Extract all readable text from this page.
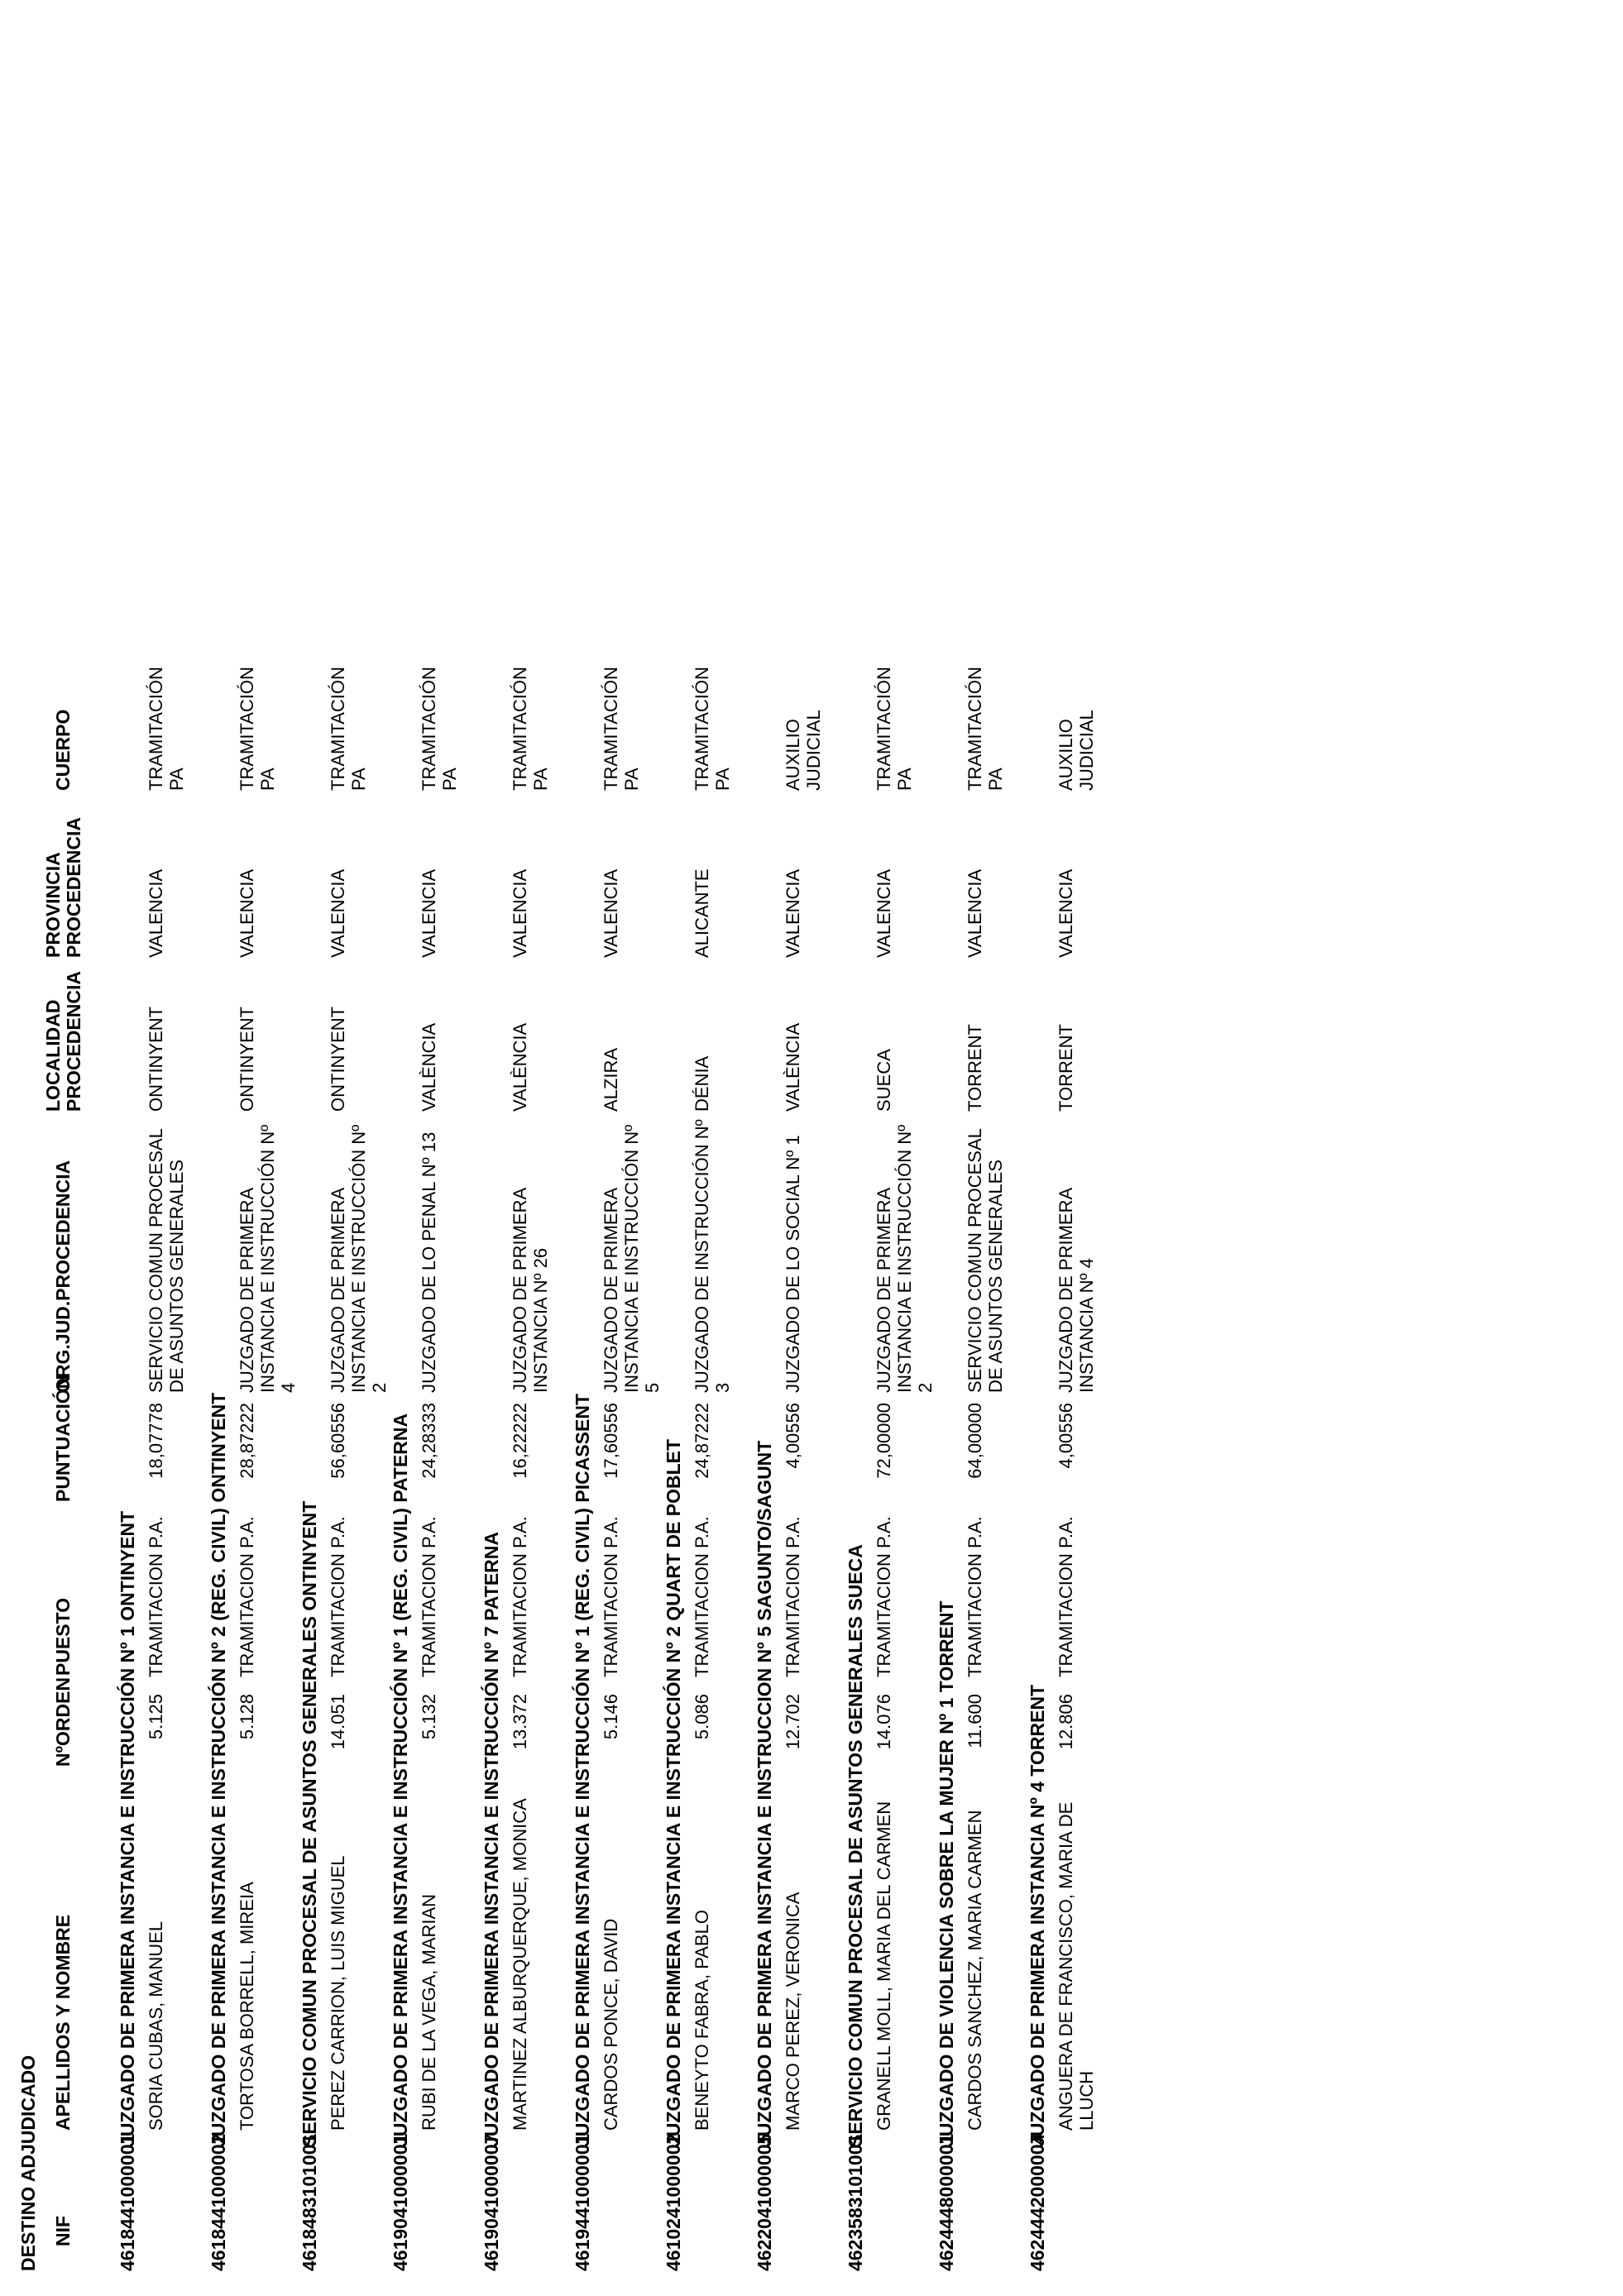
DESTINO ADJUDICADO NIF
APELLIDOS Y NOMBRE
NºORDEN
PUESTO
PUNTUACIÓN
ORG.JUD.PROCEDENCIA
LOCALIDAD PROCEDENCIA
PROVINCIA PROCEDENCIA
CUERPO
4618441000001JUZGADO DE PRIMERA INSTANCIA E INSTRUCCIÓN Nº 1 ONTINYENT SORIA CUBAS, MANUEL
5.125
TRAMITACION P.A.
18,07778
SERVICIO COMUN PROCESAL DE ASUNTOS GENERALES
ONTINYENT
VALENCIA
TRAMITACIÓN PA
4618441000002JUZGADO DE PRIMERA INSTANCIA E INSTRUCCIÓN Nº 2 (REG. CIVIL) ONTINYENT TORTOSA BORRELL, MIREIA
5.128
TRAMITACION P.A.
28,87222
JUZGADO DE PRIMERA INSTANCIA E INSTRUCCIÓN Nº 4
ONTINYENT
VALENCIA
TRAMITACIÓN PA
4618483101001SERVICIO COMUN PROCESAL DE ASUNTOS GENERALES ONTINYENT PEREZ CARRION, LUIS MIGUEL
14.051
TRAMITACION P.A.
56,60556
JUZGADO DE PRIMERA INSTANCIA E INSTRUCCIÓN Nº 2
ONTINYENT
VALENCIA
TRAMITACIÓN PA
4619041000001JUZGADO DE PRIMERA INSTANCIA E INSTRUCCIÓN Nº 1 (REG. CIVIL) PATERNA RUBI DE LA VEGA, MARIAN
5.132
TRAMITACION P.A.
24,28333
JUZGADO DE LO PENAL Nº 13
VALÈNCIA
VALENCIA
TRAMITACIÓN PA
4619041000007JUZGADO DE PRIMERA INSTANCIA E INSTRUCCIÓN Nº 7 PATERNA MARTINEZ ALBURQUERQUE, MONICA
13.372
TRAMITACION P.A.
16,22222
JUZGADO DE PRIMERA INSTANCIA Nº 26
VALÈNCIA
VALENCIA
TRAMITACIÓN PA
4619441000001JUZGADO DE PRIMERA INSTANCIA E INSTRUCCIÓN Nº 1 (REG. CIVIL) PICASSENT CARDOS PONCE, DAVID
5.146
TRAMITACION P.A.
17,60556
JUZGADO DE PRIMERA INSTANCIA E INSTRUCCIÓN Nº 5
ALZIRA
VALENCIA
TRAMITACIÓN PA
4610241000002JUZGADO DE PRIMERA INSTANCIA E INSTRUCCIÓN Nº 2 QUART DE POBLET BENEYTO FABRA, PABLO
5.086
TRAMITACION P.A.
24,87222
JUZGADO DE INSTRUCCIÓN Nº 3
DÉNIA
ALICANTE
TRAMITACIÓN PA
4622041000005JUZGADO DE PRIMERA INSTANCIA E INSTRUCCION Nº 5 SAGUNTO/SAGUNT MARCO PEREZ, VERONICA
12.702
TRAMITACION P.A.
4,00556
JUZGADO DE LO SOCIAL Nº 1
VALÈNCIA
VALENCIA
AUXILIO JUDICIAL
4623583101001SERVICIO COMUN PROCESAL DE ASUNTOS GENERALES SUECA GRANELL MOLL, MARIA DEL CARMEN
14.076
TRAMITACION P.A.
72,00000
JUZGADO DE PRIMERA INSTANCIA E INSTRUCCIÓN Nº 2
SUECA
VALENCIA
TRAMITACIÓN PA
4624448000001JUZGADO DE VIOLENCIA SOBRE LA MUJER Nº 1 TORRENT CARDOS SANCHEZ, MARIA CARMEN
11.600
TRAMITACION P.A.
64,00000
SERVICIO COMUN PROCESAL DE ASUNTOS GENERALES
TORRENT
VALENCIA
TRAMITACIÓN PA
4624442000004JUZGADO DE PRIMERA INSTANCIA Nº 4 TORRENT ANGUERA DE FRANCISCO, MARIA DE LLUCH
12.806
TRAMITACION P.A.
4,00556
JUZGADO DE PRIMERA INSTANCIA Nº 4
TORRENT
VALENCIA
AUXILIO JUDICIAL
